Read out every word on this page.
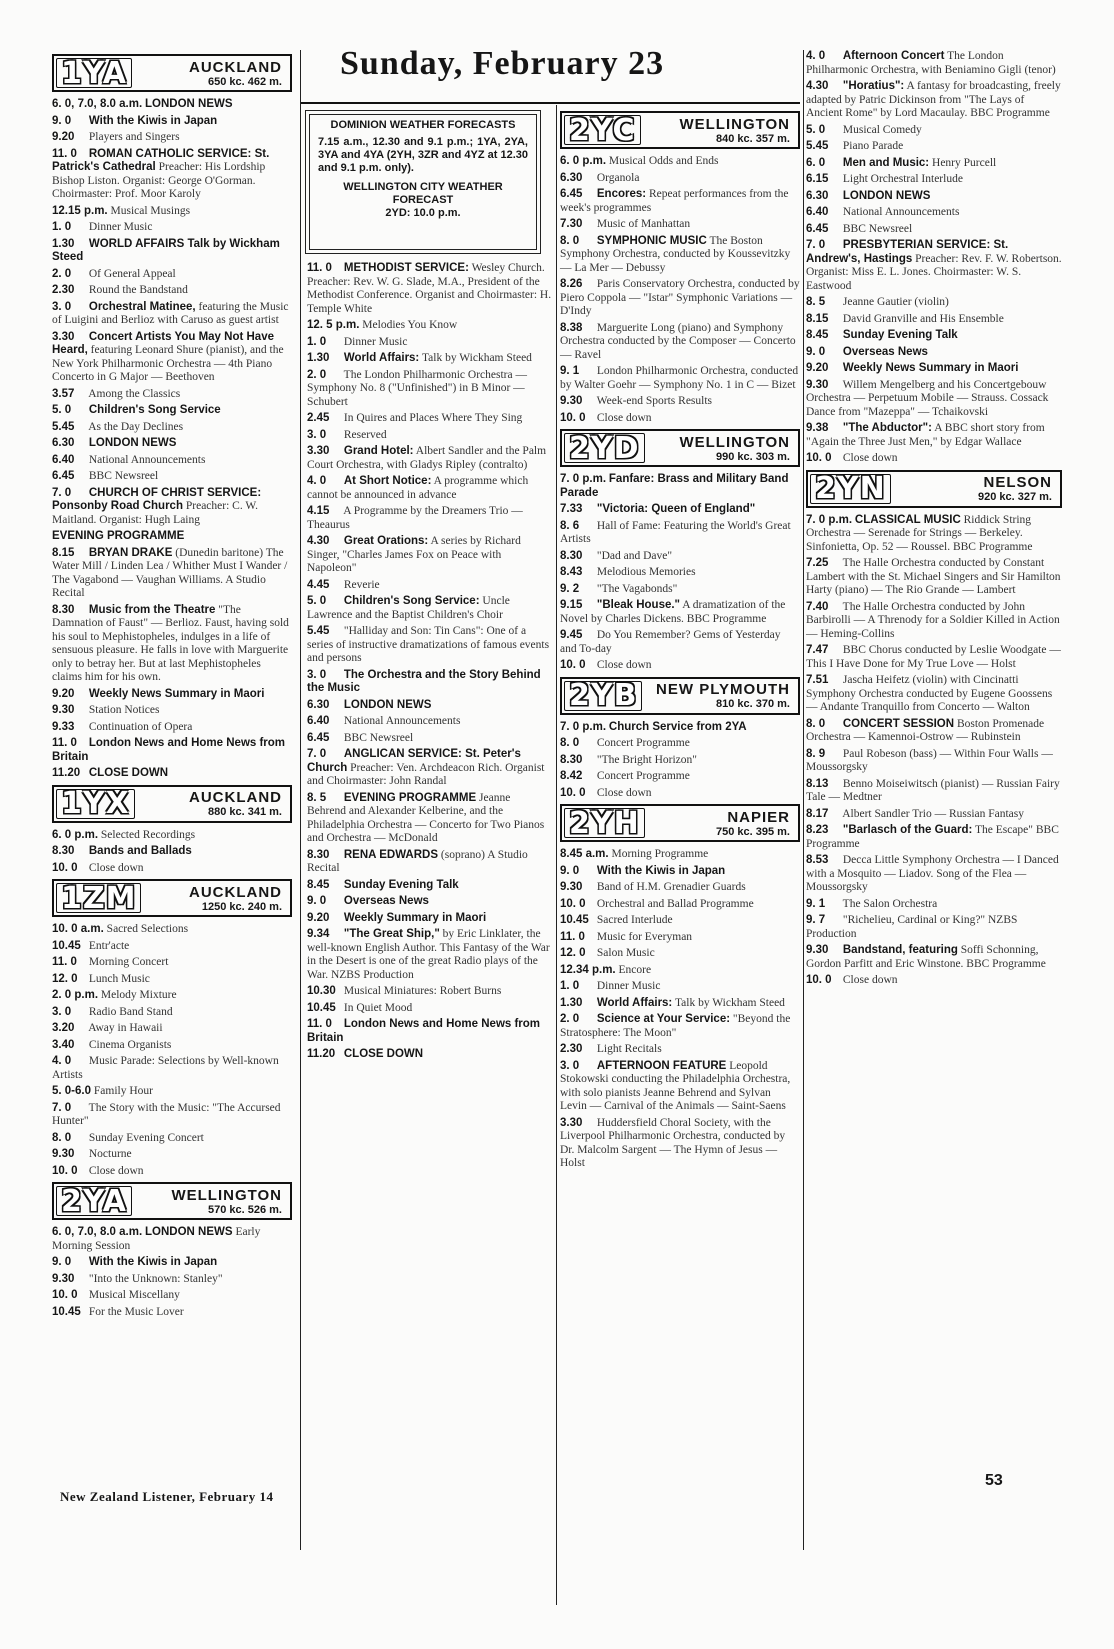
Sunday, February 23
DOMINION WEATHER FORECASTS
7.15 a.m., 12.30 and 9.1 p.m.; 1YA, 2YA, 3YA and 4YA (2YH, 3ZR and 4YZ at 12.30 and 9.1 p.m. only).
WELLINGTON CITY WEATHER FORECAST
2YD: 10.0 p.m.
1YA	AUCKLAND
650 kc. 462 m.
6. 0, 7.0, 8.0 a.m. LONDON NEWS
9. 0 With the Kiwis in Japan
9.20 Players and Singers
11. 0 ROMAN CATHOLIC SERVICE: St. Patrick's Cathedral Preacher: His Lordship Bishop Liston. Organist: George O'Gorman. Choirmaster: Prof. Moor Karoly
12.15 p.m. Musical Musings
1. 0 Dinner Music
1.30 WORLD AFFAIRS Talk by Wickham Steed
2. 0 Of General Appeal
2.30 Round the Bandstand
3. 0 Orchestral Matinee, featuring the Music of Luigini and Berlioz with Caruso as guest artist
3.30 Concert Artists You May Not Have Heard, featuring Leonard Shure (pianist), and the New York Philharmonic Orchestra — 4th Piano Concerto in G Major — Beethoven
3.57 Among the Classics
5. 0 Children's Song Service
5.45 As the Day Declines
6.30 LONDON NEWS
6.40 National Announcements
6.45 BBC Newsreel
7. 0 CHURCH OF CHRIST SERVICE: Ponsonby Road Church Preacher: C. W. Maitland. Organist: Hugh Laing
EVENING PROGRAMME
8.15 BRYAN DRAKE (Dunedin baritone) The Water Mill / Linden Lea / Whither Must I Wander / The Vagabond — Vaughan Williams. A Studio Recital
8.30 Music from the Theatre "The Damnation of Faust" — Berlioz. Faust, having sold his soul to Mephistopheles, indulges in a life of sensuous pleasure. He falls in love with Marguerite only to betray her. But at last Mephistopheles claims him for his own.
9.20 Weekly News Summary in Maori
9.30 Station Notices
9.33 Continuation of Opera
11. 0 London News and Home News from Britain
11.20 CLOSE DOWN
1YX	AUCKLAND
880 kc. 341 m.
6. 0 p.m. Selected Recordings
8.30 Bands and Ballads
10. 0 Close down
1ZM	AUCKLAND
1250 kc. 240 m.
10. 0 a.m. Sacred Selections
10.45 Entr'acte
11. 0 Morning Concert
12. 0 Lunch Music
2. 0 p.m. Melody Mixture
3. 0 Radio Band Stand
3.20 Away in Hawaii
3.40 Cinema Organists
4. 0 Music Parade: Selections by Well-known Artists
5. 0-6.0 Family Hour
7. 0 The Story with the Music: "The Accursed Hunter"
8. 0 Sunday Evening Concert
9.30 Nocturne
10. 0 Close down
2YA	WELLINGTON
570 kc. 526 m.
6. 0, 7.0, 8.0 a.m. LONDON NEWS Early Morning Session
9. 0 With the Kiwis in Japan
9.30 "Into the Unknown: Stanley"
10. 0 Musical Miscellany
10.45 For the Music Lover
11. 0 METHODIST SERVICE: Wesley Church. Preacher: Rev. W. G. Slade, M.A., President of the Methodist Conference. Organist and Choirmaster: H. Temple White
12. 5 p.m. Melodies You Know
1. 0 Dinner Music
1.30 World Affairs: Talk by Wickham Steed
2. 0 The London Philharmonic Orchestra — Symphony No. 8 ("Unfinished") in B Minor — Schubert
2.45 In Quires and Places Where They Sing
3. 0 Reserved
3.30 Grand Hotel: Albert Sandler and the Palm Court Orchestra, with Gladys Ripley (contralto)
4. 0 At Short Notice: A programme which cannot be announced in advance
4.15 A Programme by the Dreamers Trio — Theaurus
4.30 Great Orations: A series by Richard Singer, "Charles James Fox on Peace with Napoleon"
4.45 Reverie
5. 0 Children's Song Service: Uncle Lawrence and the Baptist Children's Choir
5.45 "Halliday and Son: Tin Cans": One of a series of instructive dramatizations of famous events and persons
3. 0 The Orchestra and the Story Behind the Music
6.30 LONDON NEWS
6.40 National Announcements
6.45 BBC Newsreel
7. 0 ANGLICAN SERVICE: St. Peter's Church Preacher: Ven. Archdeacon Rich. Organist and Choirmaster: John Randal
8. 5 EVENING PROGRAMME Jeanne Behrend and Alexander Kelberine, and the Philadelphia Orchestra — Concerto for Two Pianos and Orchestra — McDonald
8.30 RENA EDWARDS (soprano) A Studio Recital
8.45 Sunday Evening Talk
9. 0 Overseas News
9.20 Weekly Summary in Maori
9.34 "The Great Ship," by Eric Linklater, the well-known English Author. This Fantasy of the War in the Desert is one of the great Radio plays of the War. NZBS Production
10.30 Musical Miniatures: Robert Burns
10.45 In Quiet Mood
11. 0 London News and Home News from Britain
11.20 CLOSE DOWN
2YC	WELLINGTON
840 kc. 357 m.
6. 0 p.m. Musical Odds and Ends
6.30 Organola
6.45 Encores: Repeat performances from the week's programmes
7.30 Music of Manhattan
8. 0 SYMPHONIC MUSIC The Boston Symphony Orchestra, conducted by Koussevitzky — La Mer — Debussy
8.26 Paris Conservatory Orchestra, conducted by Piero Coppola — "Istar" Symphonic Variations — D'Indy
8.38 Marguerite Long (piano) and Symphony Orchestra conducted by the Composer — Concerto — Ravel
9. 1 London Philharmonic Orchestra, conducted by Walter Goehr — Symphony No. 1 in C — Bizet
9.30 Week-end Sports Results
10. 0 Close down
2YD	WELLINGTON
990 kc. 303 m.
7. 0 p.m. Fanfare: Brass and Military Band Parade
7.33 "Victoria: Queen of England"
8. 6 Hall of Fame: Featuring the World's Great Artists
8.30 "Dad and Dave"
8.43 Melodious Memories
9. 2 "The Vagabonds"
9.15 "Bleak House." A dramatization of the Novel by Charles Dickens. BBC Programme
9.45 Do You Remember? Gems of Yesterday and To-day
10. 0 Close down
2YB	NEW PLYMOUTH
810 kc. 370 m.
7. 0 p.m. Church Service from 2YA
8. 0 Concert Programme
8.30 "The Bright Horizon"
8.42 Concert Programme
10. 0 Close down
2YH	NAPIER
750 kc. 395 m.
8.45 a.m. Morning Programme
9. 0 With the Kiwis in Japan
9.30 Band of H.M. Grenadier Guards
10. 0 Orchestral and Ballad Programme
10.45 Sacred Interlude
11. 0 Music for Everyman
12. 0 Salon Music
12.34 p.m. Encore
1. 0 Dinner Music
1.30 World Affairs: Talk by Wickham Steed
2. 0 Science at Your Service: "Beyond the Stratosphere: The Moon"
2.30 Light Recitals
3. 0 AFTERNOON FEATURE Leopold Stokowski conducting the Philadelphia Orchestra, with solo pianists Jeanne Behrend and Sylvan Levin — Carnival of the Animals — Saint-Saens
3.30 Huddersfield Choral Society, with the Liverpool Philharmonic Orchestra, conducted by Dr. Malcolm Sargent — The Hymn of Jesus — Holst
4. 0 Afternoon Concert The London Philharmonic Orchestra, with Beniamino Gigli (tenor)
4.30 "Horatius": A fantasy for broadcasting, freely adapted by Patric Dickinson from "The Lays of Ancient Rome" by Lord Macaulay. BBC Programme
5. 0 Musical Comedy
5.45 Piano Parade
6. 0 Men and Music: Henry Purcell
6.15 Light Orchestral Interlude
6.30 LONDON NEWS
6.40 National Announcements
6.45 BBC Newsreel
7. 0 PRESBYTERIAN SERVICE: St. Andrew's, Hastings Preacher: Rev. F. W. Robertson. Organist: Miss E. L. Jones. Choirmaster: W. S. Eastwood
8. 5 Jeanne Gautier (violin)
8.15 David Granville and His Ensemble
8.45 Sunday Evening Talk
9. 0 Overseas News
9.20 Weekly News Summary in Maori
9.30 Willem Mengelberg and his Concertgebouw Orchestra — Perpetuum Mobile — Strauss. Cossack Dance from "Mazeppa" — Tchaikovski
9.38 "The Abductor": A BBC short story from "Again the Three Just Men," by Edgar Wallace
10. 0 Close down
2YN	NELSON
920 kc. 327 m.
7. 0 p.m. CLASSICAL MUSIC Riddick String Orchestra — Serenade for Strings — Berkeley. Sinfonietta, Op. 52 — Roussel. BBC Programme
7.25 The Halle Orchestra conducted by Constant Lambert with the St. Michael Singers and Sir Hamilton Harty (piano) — The Rio Grande — Lambert
7.40 The Halle Orchestra conducted by John Barbirolli — A Threnody for a Soldier Killed in Action — Heming-Collins
7.47 BBC Chorus conducted by Leslie Woodgate — This I Have Done for My True Love — Holst
7.51 Jascha Heifetz (violin) with Cincinatti Symphony Orchestra conducted by Eugene Goossens — Andante Tranquillo from Concerto — Walton
8. 0 CONCERT SESSION Boston Promenade Orchestra — Kamennoi-Ostrow — Rubinstein
8. 9 Paul Robeson (bass) — Within Four Walls — Moussorgsky
8.13 Benno Moiseiwitsch (pianist) — Russian Fairy Tale — Medtner
8.17 Albert Sandler Trio — Russian Fantasy
8.23 "Barlasch of the Guard: The Escape" BBC Programme
8.53 Decca Little Symphony Orchestra — I Danced with a Mosquito — Liadov. Song of the Flea — Moussorgsky
9. 1 The Salon Orchestra
9. 7 "Richelieu, Cardinal or King?" NZBS Production
9.30 Bandstand, featuring Soffi Schonning, Gordon Parfitt and Eric Winstone. BBC Programme
10. 0 Close down
New Zealand Listener, February 14
53
